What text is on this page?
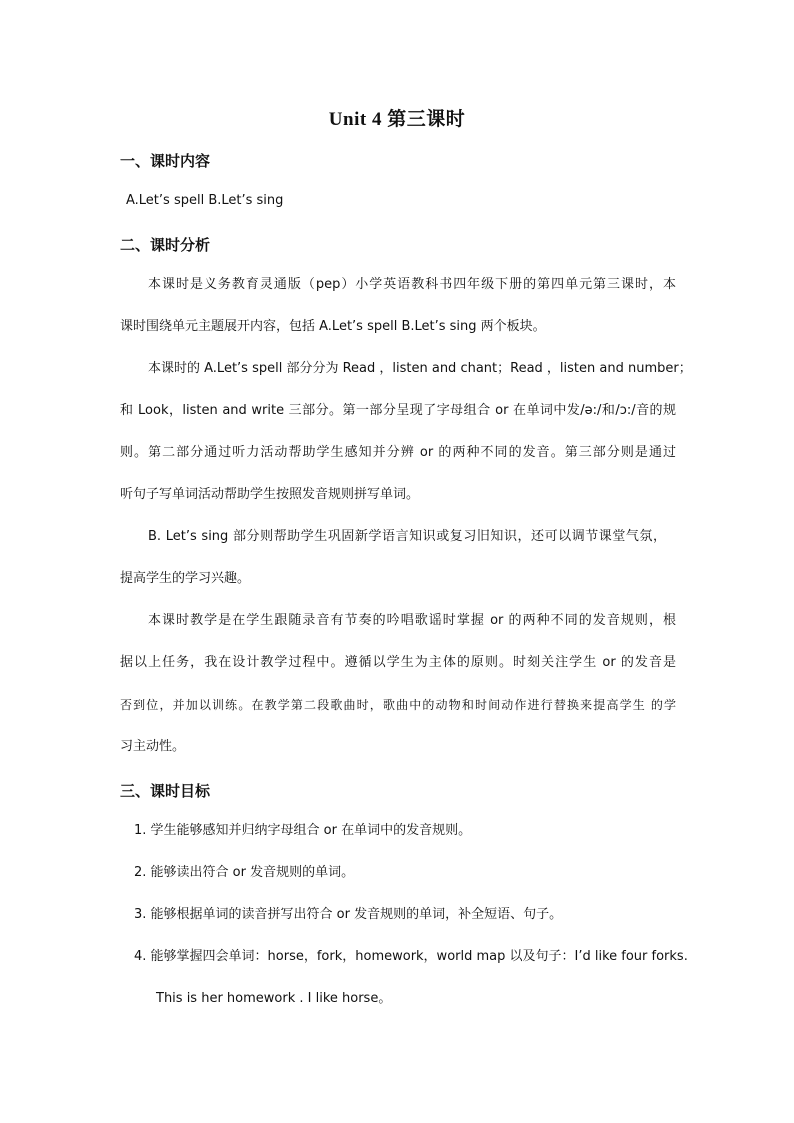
Unit 4 第三课时
一、课时内容
A.Let’s spell B.Let’s sing
二、课时分析
本课时是义务教育灵通版（pep）小学英语教科书四年级下册的第四单元第三课时，本
课时围绕单元主题展开内容，包括 A.Let’s spell B.Let’s sing 两个板块。
本课时的 A.Let’s spell 部分分为 Read ，listen and chant；Read ，listen and number；
和 Look，listen and write 三部分。第一部分呈现了字母组合 or 在单词中发/ə:/和/ɔ:/音的规
则。第二部分通过听力活动帮助学生感知并分辨 or 的两种不同的发音。第三部分则是通过
听句子写单词活动帮助学生按照发音规则拼写单词。
B. Let’s sing 部分则帮助学生巩固新学语言知识或复习旧知识，还可以调节课堂气氛，
提高学生的学习兴趣。
本课时教学是在学生跟随录音有节奏的吟唱歌谣时掌握 or 的两种不同的发音规则，根
据以上任务，我在设计教学过程中。遵循以学生为主体的原则。时刻关注学生 or 的发音是
否到位，并加以训练。在教学第二段歌曲时，歌曲中的动物和时间动作进行替换来提高学生 的学
习主动性。
三、课时目标
1. 学生能够感知并归纳字母组合 or 在单词中的发音规则。
2. 能够读出符合 or 发音规则的单词。
3. 能够根据单词的读音拼写出符合 or 发音规则的单词，补全短语、句子。
4. 能够掌握四会单词：horse，fork，homework，world map 以及句子：I’d like four forks.
This is her homework . I like horse。
